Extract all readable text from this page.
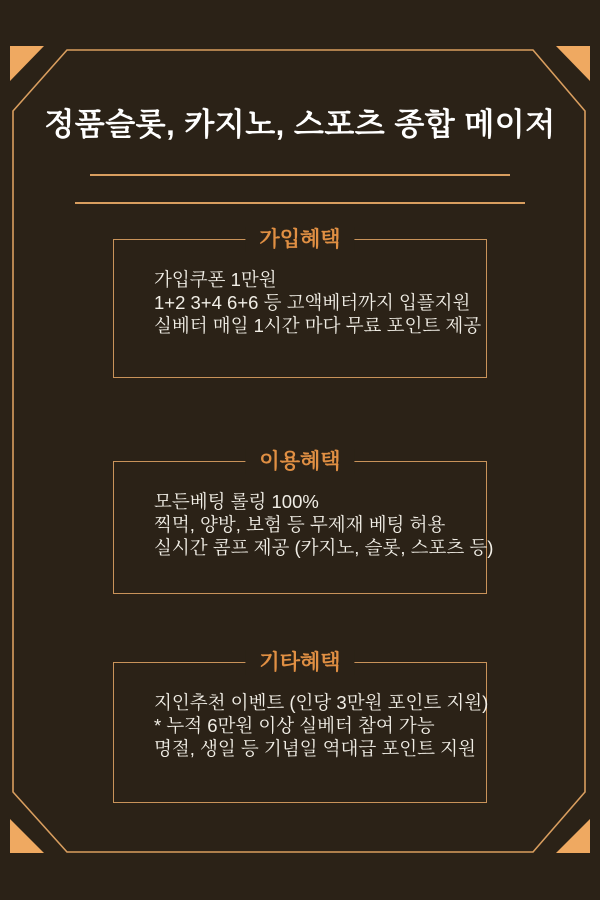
정품슬롯, 카지노, 스포츠 종합 메이저
가입혜택

가입쿠폰 1만원

1+2 3+4 6+6 등 고액베터까지 입플지원

실베터 매일 1시간 마다 무료 포인트 제공

이용혜택

모든베팅 롤링 100%

찍먹, 양방, 보험 등 무제재 베팅 허용

실시간 콤프 제공 (카지노, 슬롯, 스포츠 등)

기타혜택

지인추천 이벤트 (인당 3만원 포인트 지원)

* 누적 6만원 이상 실베터 참여 가능

명절, 생일 등 기념일 역대급 포인트 지원
